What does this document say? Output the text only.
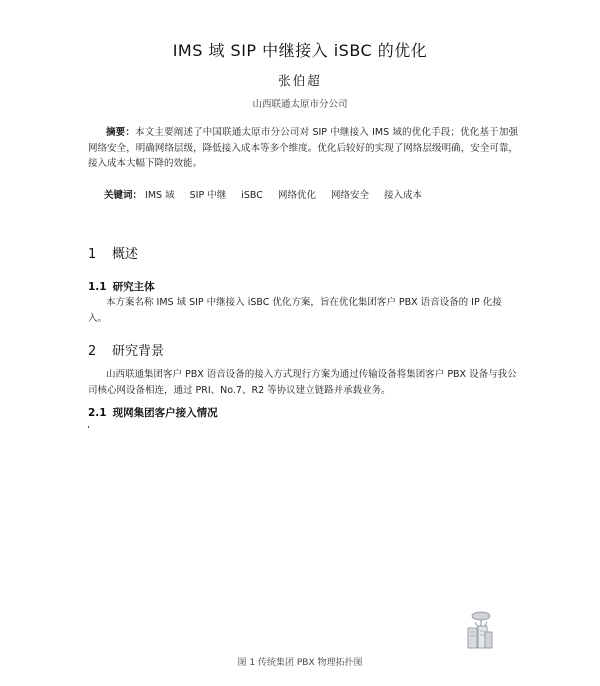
IMS 域 SIP 中继接入 iSBC 的优化
张伯超
山西联通太原市分公司
摘要：本文主要阐述了中国联通太原市分公司对 SIP 中继接入 IMS 域的优化手段；优化基于加强网络安全，明确网络层级，降低接入成本等多个维度。优化后较好的实现了网络层级明确，安全可靠，接入成本大幅下降的效能。
关键词： IMS 域 SIP 中继 iSBC 网络优化 网络安全 接入成本
1 概述
1.1 研究主体
本方案名称 IMS 域 SIP 中继接入 iSBC 优化方案，旨在优化集团客户 PBX 语音设备的 IP 化接入。
2 研究背景
山西联通集团客户 PBX 语音设备的接入方式现行方案为通过传输设备将集团客户 PBX 设备与我公司核心网设备相连，通过 PRI、No.7、R2 等协议建立链路并承载业务。
2.1 现网集团客户接入情况
图 1 传统集团 PBX 物理拓扑图
